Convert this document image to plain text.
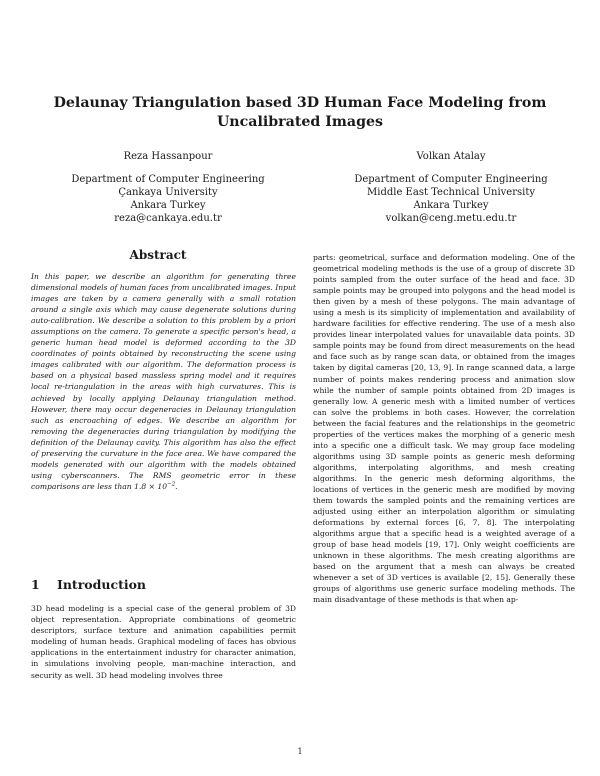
Delaunay Triangulation based 3D Human Face Modeling from Uncalibrated Images
Reza Hassanpour	Volkan Atalay
Department of Computer Engineering
Çankaya University
Ankara Turkey
reza@cankaya.edu.tr
Department of Computer Engineering
Middle East Technical University
Ankara Turkey
volkan@ceng.metu.edu.tr
Abstract

In this paper, we describe an algorithm for generating three dimensional models of human faces from uncalibrated images. Input images are taken by a camera generally with a small rotation around a single axis which may cause degenerate solutions during auto-calibration. We describe a solution to this problem by a priori assumptions on the camera. To generate a specific person's head, a generic human head model is deformed according to the 3D coordinates of points obtained by reconstructing the scene using images calibrated with our algorithm. The deformation process is based on a physical based massless spring model and it requires local re-triangulation in the areas with high curvatures. This is achieved by locally applying Delaunay triangulation method. However, there may occur degeneracies in Delaunay triangulation such as encroaching of edges. We describe an algorithm for removing the degeneracies during triangulation by modifying the definition of the Delaunay cavity. This algorithm has also the effect of preserving the curvature in the face area. We have compared the models generated with our algorithm with the models obtained using cyberscanners. The RMS geometric error in these comparisons are less than $1.8 \times 10^{-2}$.

1 Introduction

3D head modeling is a special case of the general problem of 3D object representation. Appropriate combinations of geometric descriptors, surface texture and animation capabilities permit modeling of human heads. Graphical modeling of faces has obvious applications in the entertainment industry for character animation, in simulations involving people, man-machine interaction, and security as well. 3D head modeling involves three

parts: geometrical, surface and deformation modeling. One of the geometrical modeling methods is the use of a group of discrete 3D points sampled from the outer surface of the head and face. 3D sample points may be grouped into polygons and the head model is then given by a mesh of these polygons. The main advantage of using a mesh is its simplicity of implementation and availability of hardware facilities for effective rendering. The use of a mesh also provides linear interpolated values for unavailable data points. 3D sample points may be found from direct measurements on the head and face such as by range scan data, or obtained from the images taken by digital cameras [20, 13, 9]. In range scanned data, a large number of points makes rendering process and animation slow while the number of sample points obtained from 2D images is generally low. A generic mesh with a limited number of vertices can solve the problems in both cases. However, the correlation between the facial features and the relationships in the geometric properties of the vertices makes the morphing of a generic mesh into a specific one a difficult task. We may group face modeling algorithms using 3D sample points as generic mesh deforming algorithms, interpolating algorithms, and mesh creating algorithms. In the generic mesh deforming algorithms, the locations of vertices in the generic mesh are modified by moving them towards the sampled points and the remaining vertices are adjusted using either an interpolation algorithm or simulating deformations by external forces [6, 7, 8]. The interpolating algorithms argue that a specific head is a weighted average of a group of base head models [19, 17]. Only weight coefficients are unknown in these algorithms. The mesh creating algorithms are based on the argument that a mesh can always be created whenever a set of 3D vertices is available [2, 15]. Generally these groups of algorithms use generic surface modeling methods. The main disadvantage of these methods is that when ap-

1
